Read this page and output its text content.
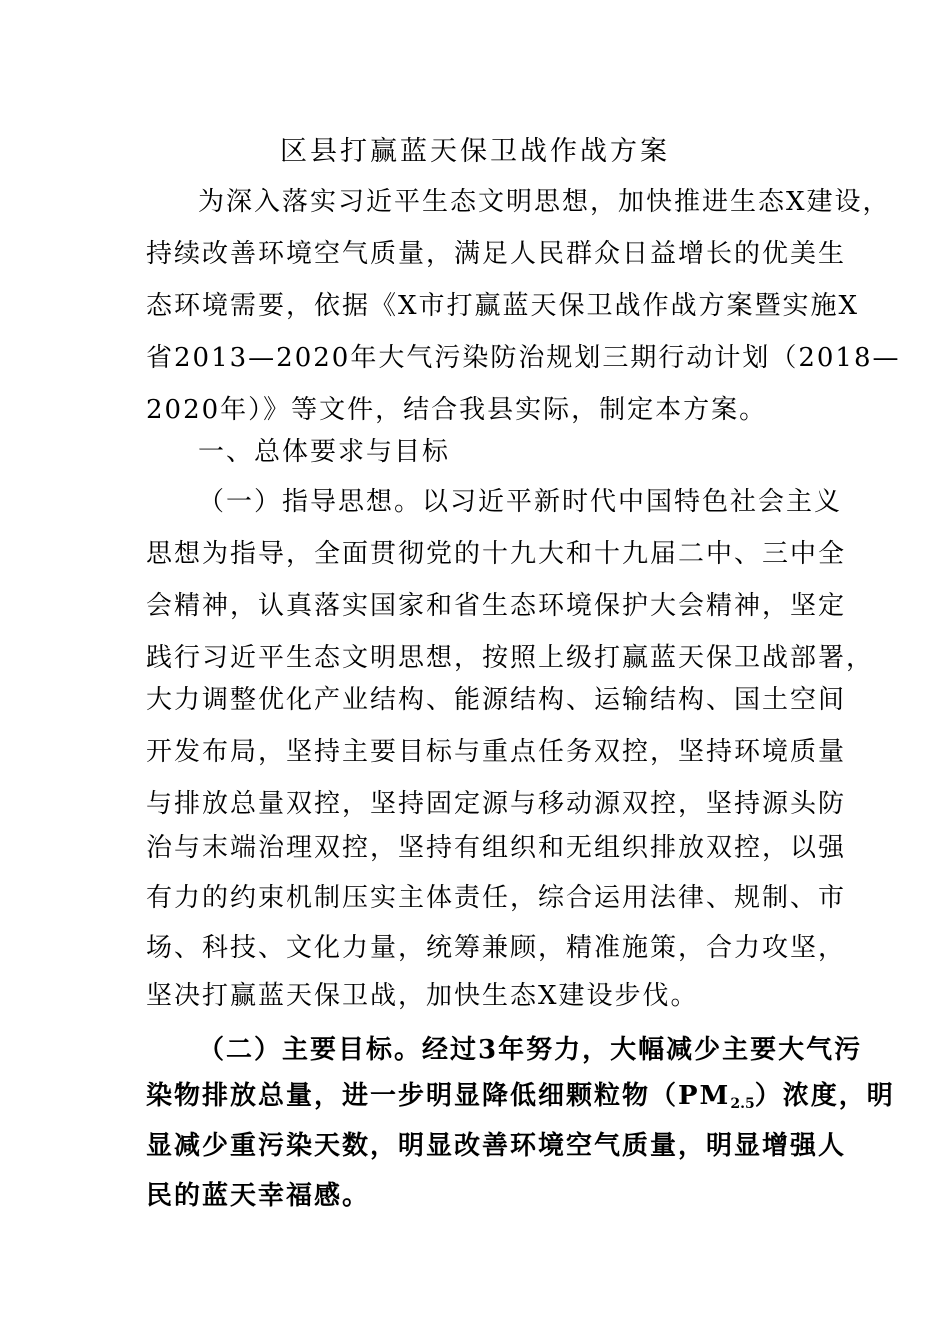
区县打赢蓝天保卫战作战方案
为深入落实习近平生态文明思想，加快推进生态X建设，
持续改善环境空气质量，满足人民群众日益增长的优美生
态环境需要，依据《X市打赢蓝天保卫战作战方案暨实施X
省2013—2020年大气污染防治规划三期行动计划（2018—
2020年）》等文件，结合我县实际，制定本方案。
一、总体要求与目标
（一）指导思想。以习近平新时代中国特色社会主义
思想为指导，全面贯彻党的十九大和十九届二中、三中全
会精神，认真落实国家和省生态环境保护大会精神，坚定
践行习近平生态文明思想，按照上级打赢蓝天保卫战部署，
大力调整优化产业结构、能源结构、运输结构、国土空间
开发布局，坚持主要目标与重点任务双控，坚持环境质量
与排放总量双控，坚持固定源与移动源双控，坚持源头防
治与末端治理双控，坚持有组织和无组织排放双控，以强
有力的约束机制压实主体责任，综合运用法律、规制、市
场、科技、文化力量，统筹兼顾，精准施策，合力攻坚，
坚决打赢蓝天保卫战，加快生态X建设步伐。
（二）主要目标。经过3年努力，大幅减少主要大气污
染物排放总量，进一步明显降低细颗粒物$(PM_{2.5})$浓度，明
显减少重污染天数，明显改善环境空气质量，明显增强人
民的蓝天幸福感。
